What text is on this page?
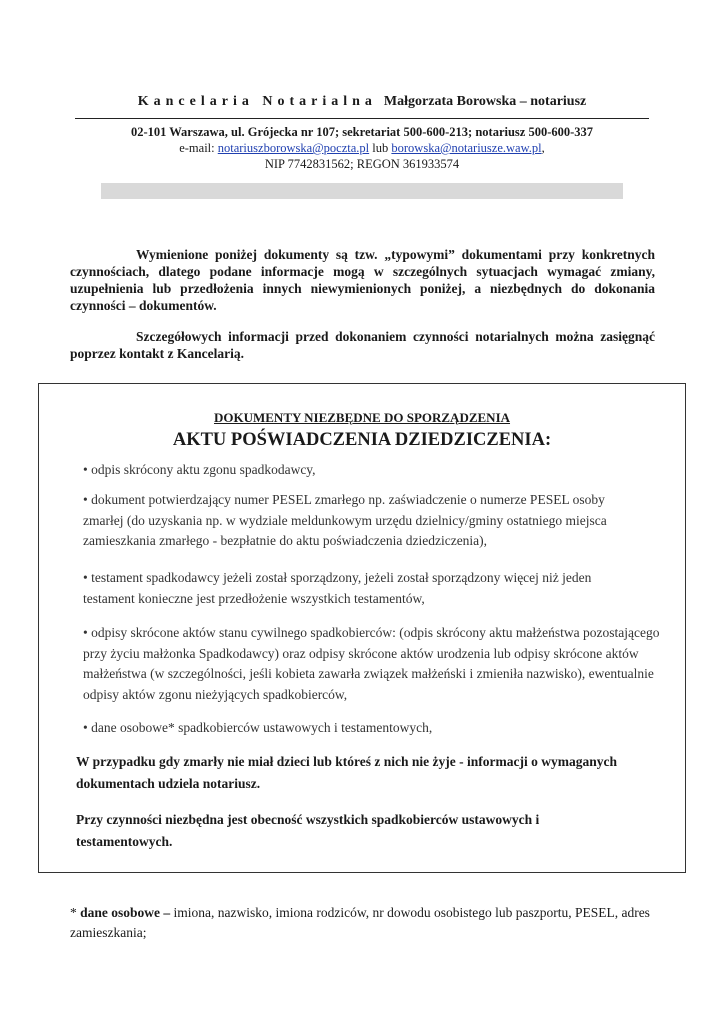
Kancelaria Notarialna Małgorzata Borowska – notariusz
02-101 Warszawa, ul. Grójecka nr 107; sekretariat 500-600-213; notariusz 500-600-337
e-mail: notariuszborowska@poczta.pl lub borowska@notariusze.waw.pl,
NIP 7742831562; REGON 361933574

Wymienione poniżej dokumenty są tzw. „typowymi” dokumentami przy konkretnych czynnościach, dlatego podane informacje mogą w szczególnych sytuacjach wymagać zmiany, uzupełnienia lub przedłożenia innych niewymienionych poniżej, a niezbędnych do dokonania czynności – dokumentów.

Szczegółowych informacji przed dokonaniem czynności notarialnych można zasięgnąć poprzez kontakt z Kancelarią.

DOKUMENTY NIEZBĘDNE DO SPORZĄDZENIA
AKTU POŚWIADCZENIA DZIEDZICZENIA:

• odpis skrócony aktu zgonu spadkodawcy,

• dokument potwierdzający numer PESEL zmarłego np. zaświadczenie o numerze PESEL osoby zmarłej (do uzyskania np. w wydziale meldunkowym urzędu dzielnicy/gminy ostatniego miejsca zamieszkania zmarłego - bezpłatnie do aktu poświadczenia dziedziczenia),

• testament spadkodawcy jeżeli został sporządzony, jeżeli został sporządzony więcej niż jeden testament konieczne jest przedłożenie wszystkich testamentów,

• odpisy skrócone aktów stanu cywilnego spadkobierców: (odpis skrócony aktu małżeństwa pozostającego przy życiu małżonka Spadkodawcy) oraz odpisy skrócone aktów urodzenia lub odpisy skrócone aktów małżeństwa (w szczególności, jeśli kobieta zawarła związek małżeński i zmieniła nazwisko), ewentualnie odpisy aktów zgonu nieżyjących spadkobierców,

• dane osobowe* spadkobierców ustawowych i testamentowych,

W przypadku gdy zmarły nie miał dzieci lub któreś z nich nie żyje - informacji o wymaganych dokumentach udziela notariusz.

Przy czynności niezbędna jest obecność wszystkich spadkobierców ustawowych i testamentowych.

* dane osobowe – imiona, nazwisko, imiona rodziców, nr dowodu osobistego lub paszportu, PESEL, adres zamieszkania;
